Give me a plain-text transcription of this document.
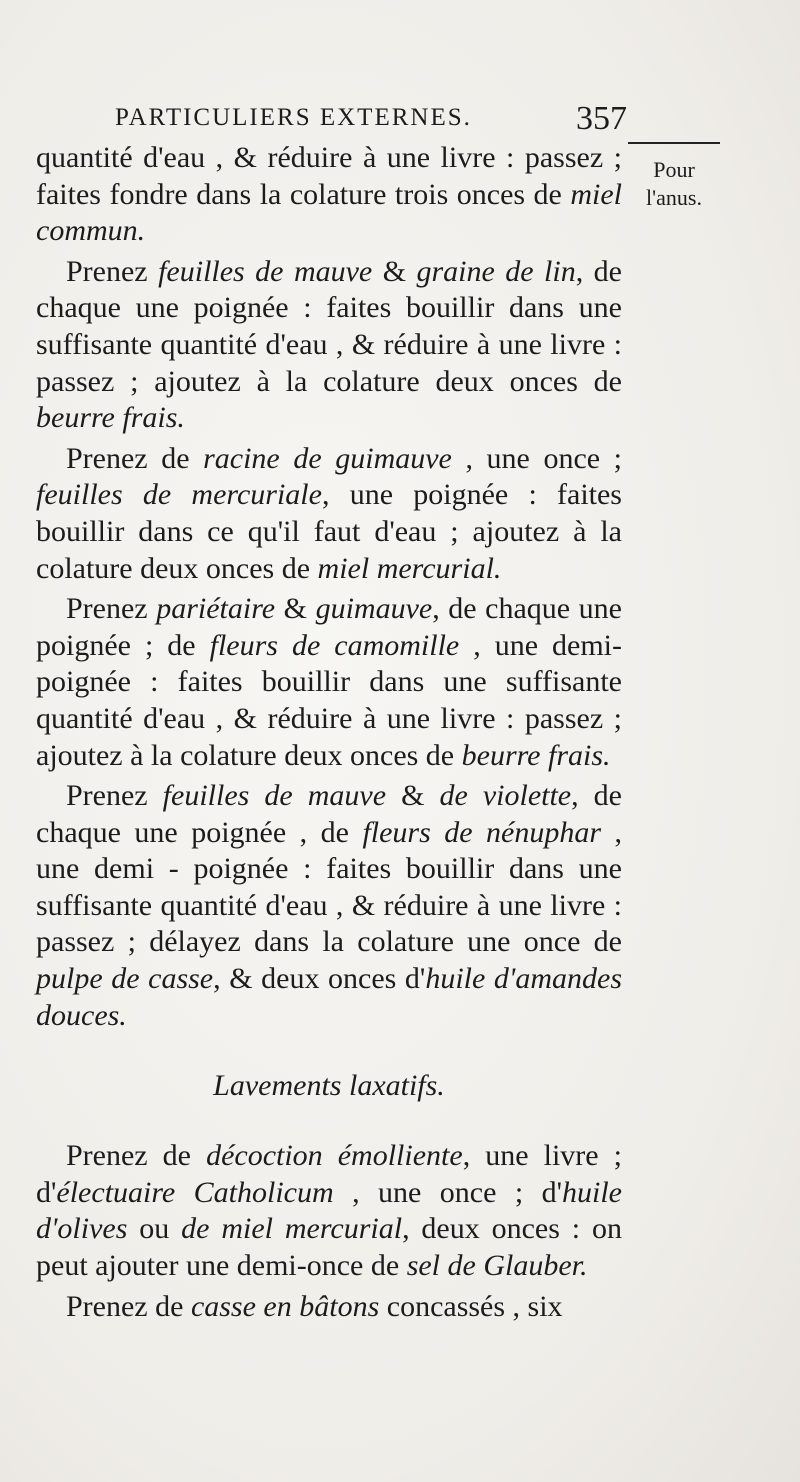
PARTICULIERS EXTERNES.	357
Pour
l'anus.

quantité d'eau , & réduire à une livre : passez ; faites fondre dans la colature trois onces de miel commun.

Prenez feuilles de mauve & graine de lin, de chaque une poignée : faites bouillir dans une suffisante quantité d'eau , & réduire à une livre : passez ; ajoutez à la colature deux onces de beurre frais.

Prenez de racine de guimauve , une once ; feuilles de mercuriale, une poignée : faites bouillir dans ce qu'il faut d'eau ; ajoutez à la colature deux onces de miel mercurial.

Prenez pariétaire & guimauve, de chaque une poignée ; de fleurs de camomille , une demi-poignée : faites bouillir dans une suffisante quantité d'eau , & réduire à une livre : passez ; ajoutez à la colature deux onces de beurre frais.

Prenez feuilles de mauve & de violette, de chaque une poignée , de fleurs de nénuphar , une demi - poignée : faites bouillir dans une suffisante quantité d'eau , & réduire à une livre : passez ; délayez dans la colature une once de pulpe de casse, & deux onces d'huile d'amandes douces.

Lavements laxatifs.

Prenez de décoction émolliente, une livre ; d'électuaire Catholicum , une once ; d'huile d'olives ou de miel mercurial, deux onces : on peut ajouter une demi-once de sel de Glauber.

Prenez de casse en bâtons concassés , six
